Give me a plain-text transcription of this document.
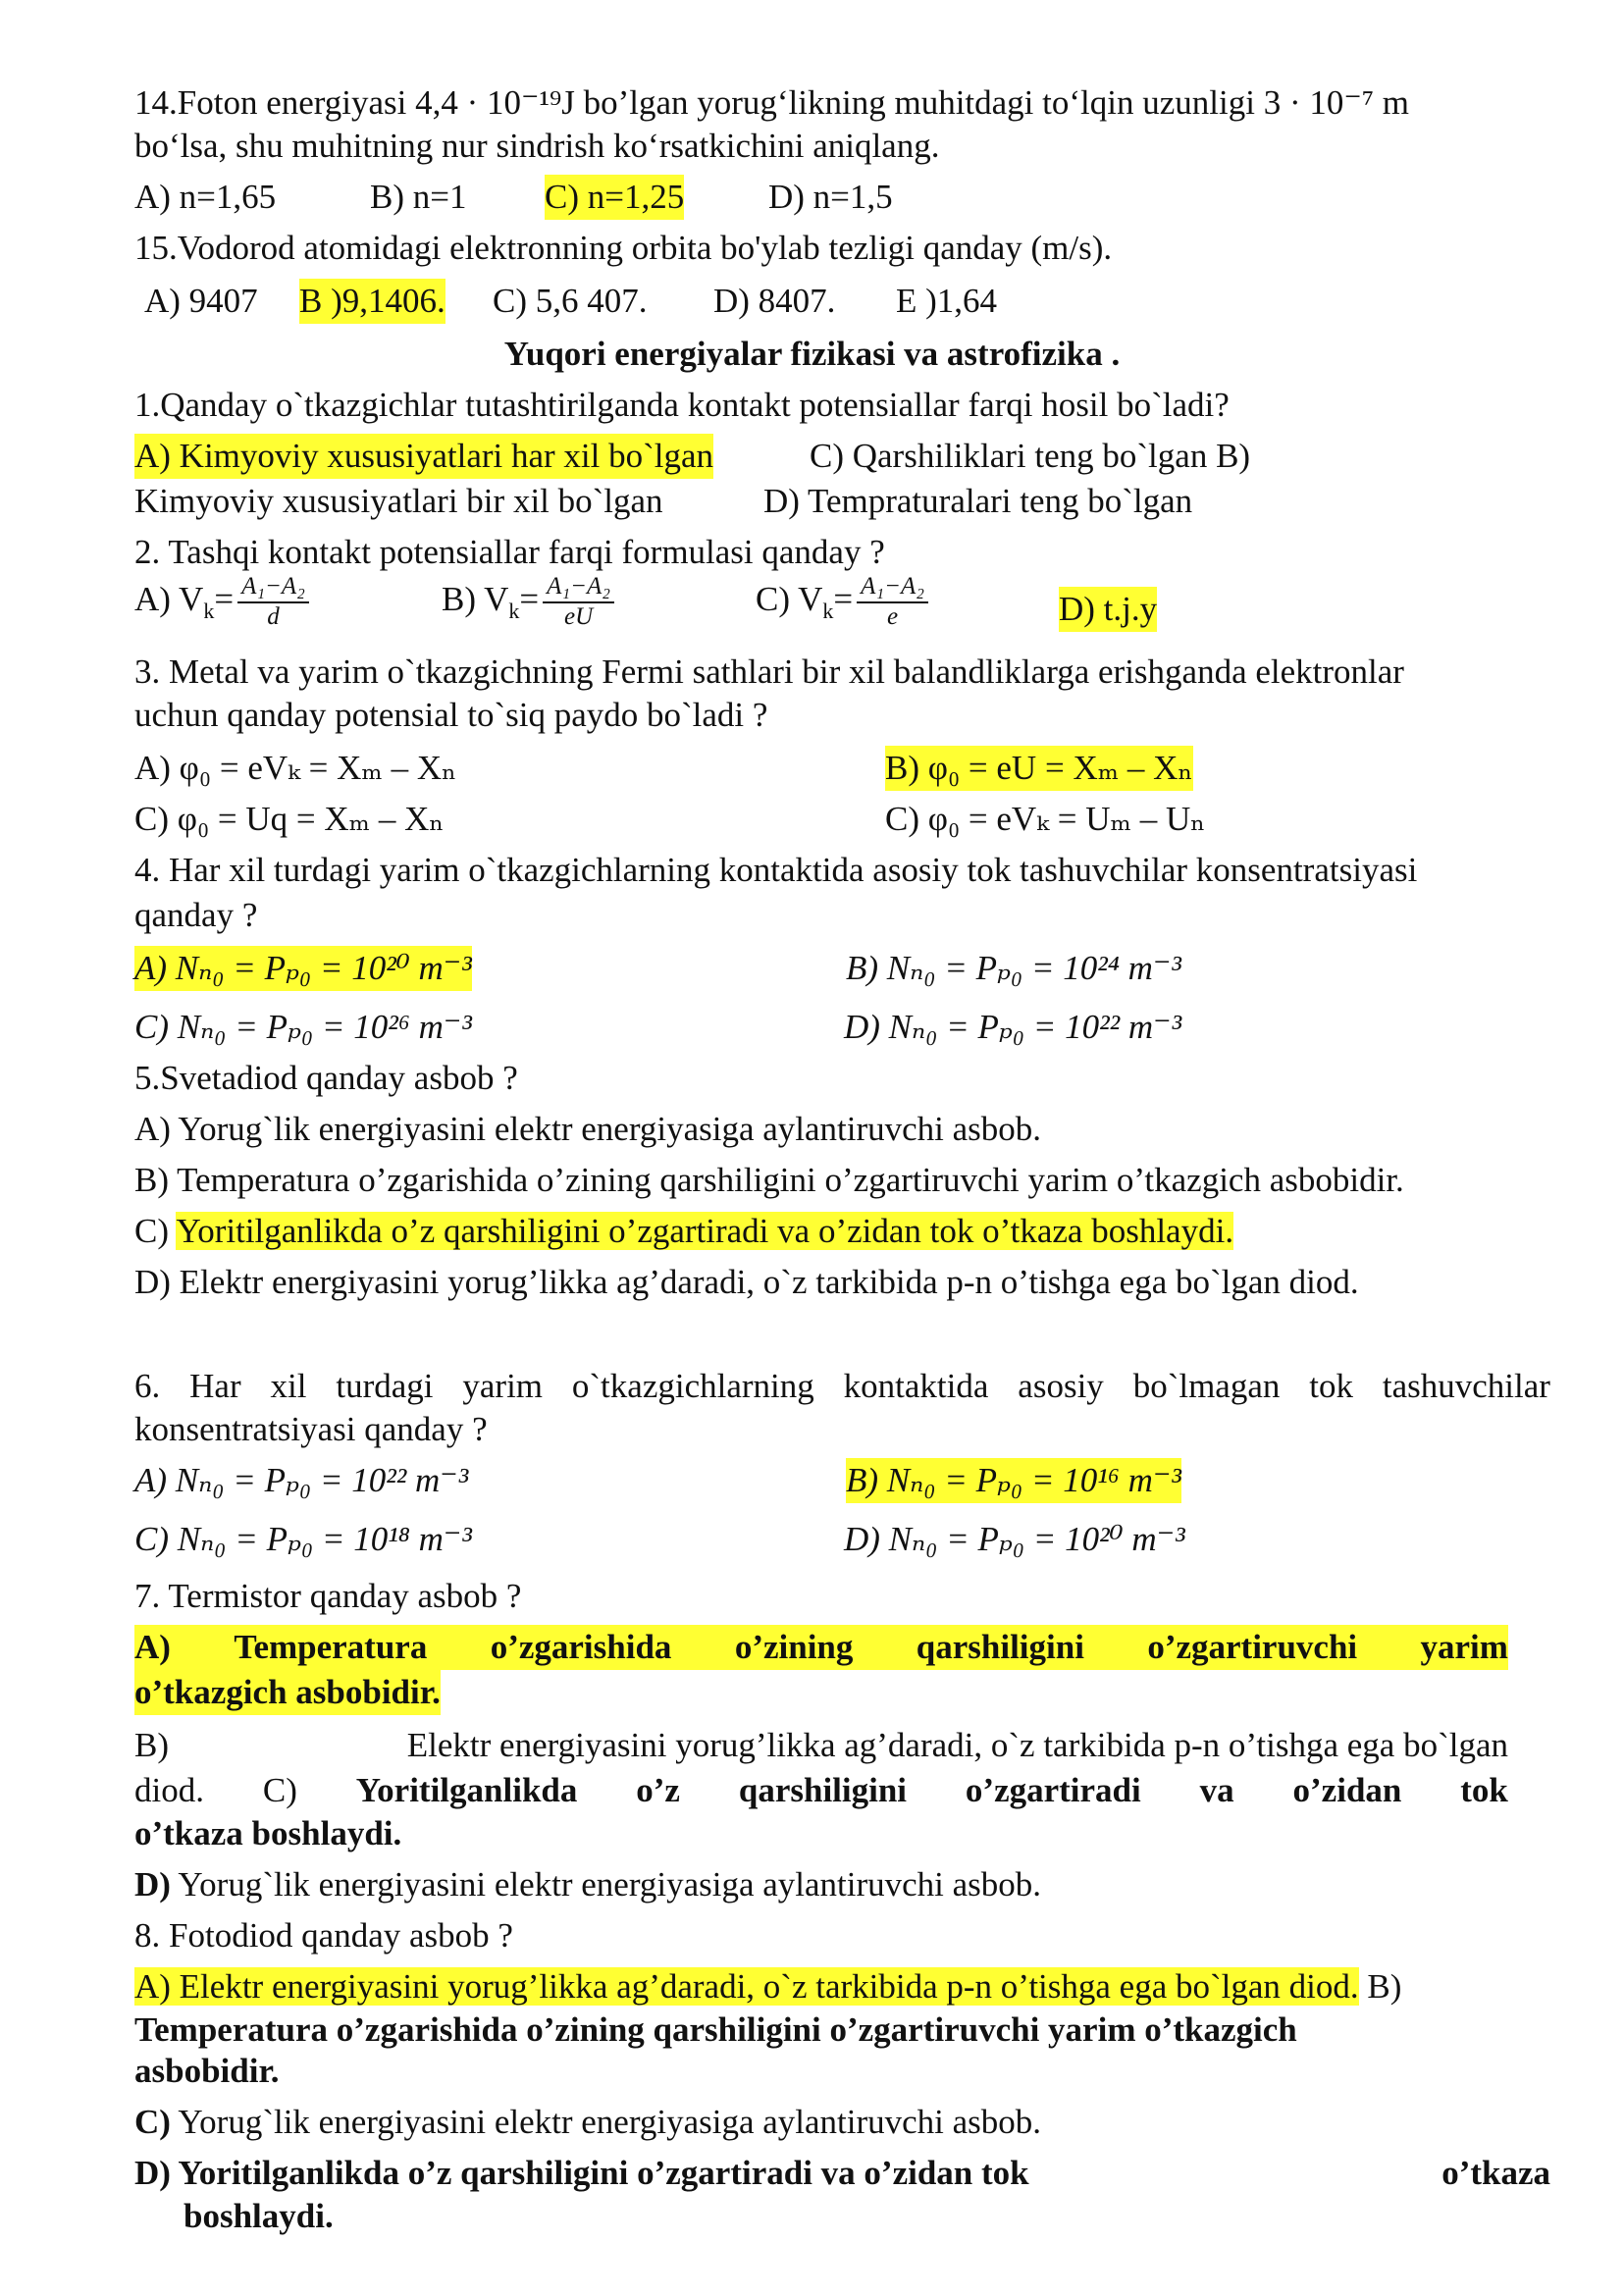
14.Foton energiyasi 4,4 · 10⁻¹⁹J bo’lgan yorug‘likning muhitdagi to‘lqin uzunligi 3 · 10⁻⁷ m
bo‘lsa, shu muhitning nur sindrish ko‘rsatkichini aniqlang.
A) n=1,65	B) n=1 C) n=1,25 D) n=1,5
15.Vodorod atomidagi elektronning orbita bo'ylab tezligi qanday (m/s).
A) 9407 B )9,1406. C) 5,6 407. D) 8407. E )1,64
Yuqori energiyalar fizikasi va astrofizika .
1.Qanday o`tkazgichlar tutashtirilganda kontakt potensiallar farqi hosil bo`ladi?
A) Kimyoviy xususiyatlari har xil bo`lgan	C) Qarshiliklari teng bo`lgan B)
Kimyoviy xususiyatlari bir xil bo`lgan	D) Tempraturalari teng bo`lgan
2. Tashqi kontakt potensiallar farqi formulasi qanday ?
A) $V_k= \frac{\text{A₁−A₂}}{d}$	B) $V_k= \frac{\text{A₁−A₂}}{eU}$	C) $V_k= \frac{\text{A₁−A₂}}{e}$	D) t.j.y
3. Metal va yarim o`tkazgichning Fermi sathlari bir xil balandliklarga erishganda elektronlar
uchun qanday potensial to`siq paydo bo`ladi ?
A) φ₀ = eVₖ = Xₘ – Xₙ	B) φ₀ = eU = Xₘ – Xₙ
C) φ₀ = Uq = Xₘ – Xₙ	C) φ₀ = eVₖ = Uₘ – Uₙ
4. Har xil turdagi yarim o`tkazgichlarning kontaktida asosiy tok tashuvchilar konsentratsiyasi
qanday ?
A) Nₙ₀ = Pₚ₀ = 10²⁰ m⁻³	B) Nₙ₀ = Pₚ₀ = 10²⁴ m⁻³
C) Nₙ₀ = Pₚ₀ = 10²⁶ m⁻³	D) Nₙ₀ = Pₚ₀ = 10²² m⁻³
5.Svetadiod qanday asbob ?
A) Yorug`lik energiyasini elektr energiyasiga aylantiruvchi asbob.
B) Temperatura o’zgarishida o’zining qarshiligini o’zgartiruvchi yarim o’tkazgich asbobidir.
C) Yoritilganlikda o’z qarshiligini o’zgartiradi va o’zidan tok o’tkaza boshlaydi.
D) Elektr energiyasini yorug’likka ag’daradi, o`z tarkibida p-n o’tishga ega bo`lgan diod.
6. Har xil turdagi yarim o`tkazgichlarning kontaktida asosiy bo`lmagan tok tashuvchilar
konsentratsiyasi qanday ?
A) Nₙ₀ = Pₚ₀ = 10²² m⁻³	B) Nₙ₀ = Pₚ₀ = 10¹⁶ m⁻³
C) Nₙ₀ = Pₚ₀ = 10¹⁸ m⁻³	D) Nₙ₀ = Pₚ₀ = 10²⁰ m⁻³
7. Termistor qanday asbob ?
A) Temperatura o’zgarishida o’zining qarshiligini o’zgartiruvchi yarim
o’tkazgich asbobidir.
B)	Elektr energiyasini yorug’likka ag’daradi, o`z tarkibida p-n o’tishga ega bo`lgan
diod. C) Yoritilganlikda o’z qarshiligini o’zgartiradi va o’zidan tok
o’tkaza boshlaydi.
D) Yorug`lik energiyasini elektr energiyasiga aylantiruvchi asbob.
8. Fotodiod qanday asbob ?
A) Elektr energiyasini yorug’likka ag’daradi, o`z tarkibida p-n o’tishga ega bo`lgan diod. B)
Temperatura o’zgarishida o’zining qarshiligini o’zgartiruvchi yarim o’tkazgich
asbobidir.
C) Yorug`lik energiyasini elektr energiyasiga aylantiruvchi asbob.
D) Yoritilganlikda o’z qarshiligini o’zgartiradi va o’zidan tok	o’tkaza
boshlaydi.
